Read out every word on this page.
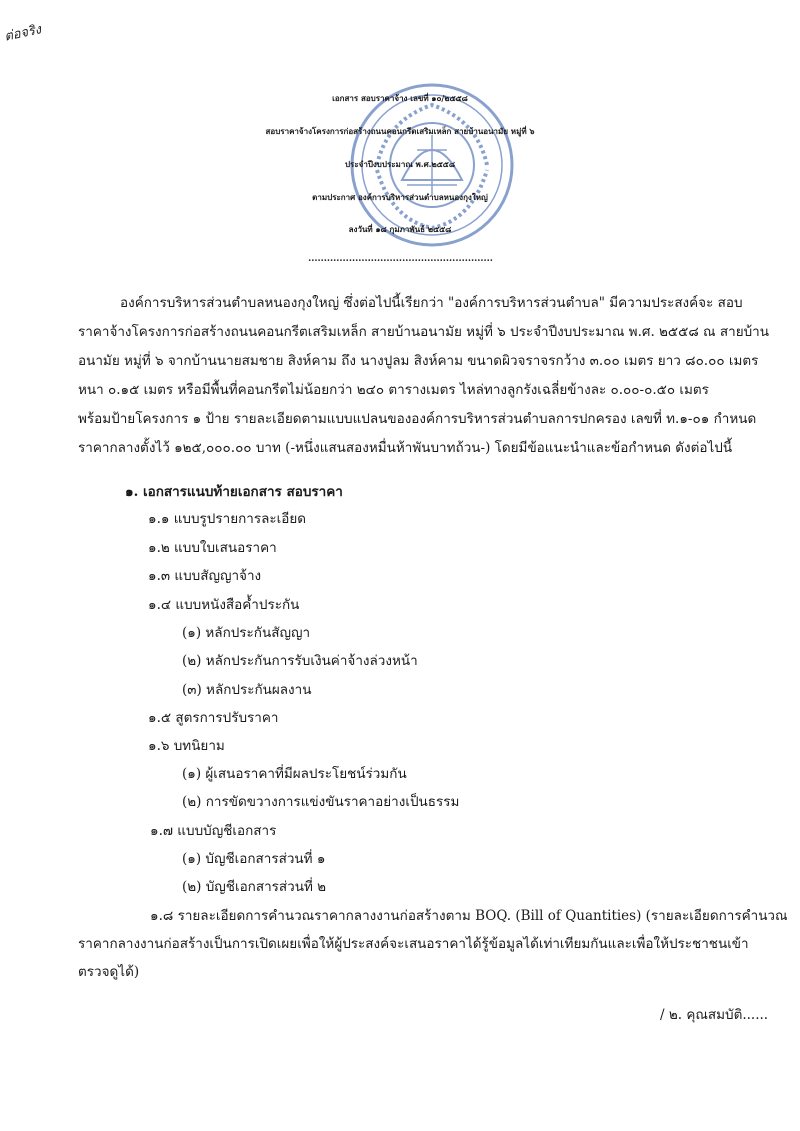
ต่อจริง
เอกสาร สอบราคาจ้าง เลขที่ ๑๐/๒๕๕๘
สอบราคาจ้างโครงการก่อสร้างถนนคอนกรีตเสริมเหล็ก สายบ้านอนามัย หมู่ที่ ๖
ประจำปีงบประมาณ พ.ศ.๒๕๕๘
ตามประกาศ องค์การบริหารส่วนตำบลหนองกุงใหญ่
ลงวันที่ ๑๘ กุมภาพันธ์ ๒๕๕๘
...........................................................
องค์การบริหารส่วนตำบลหนองกุงใหญ่ ซึ่งต่อไปนี้เรียกว่า "องค์การบริหารส่วนตำบล" มีความประสงค์จะ สอบ
ราคาจ้างโครงการก่อสร้างถนนคอนกรีตเสริมเหล็ก สายบ้านอนามัย หมู่ที่ ๖ ประจำปีงบประมาณ พ.ศ. ๒๕๕๘ ณ สายบ้าน
อนามัย หมู่ที่ ๖ จากบ้านนายสมชาย สิงห์คาม ถึง นางปูลม สิงห์คาม ขนาดผิวจราจรกว้าง ๓.๐๐ เมตร ยาว ๘๐.๐๐ เมตร
หนา ๐.๑๕ เมตร หรือมีพื้นที่คอนกรีตไม่น้อยกว่า ๒๔๐ ตารางเมตร ไหล่ทางลูกรังเฉลี่ยข้างละ ๐.๐๐-๐.๕๐ เมตร
พร้อมป้ายโครงการ ๑ ป้าย รายละเอียดตามแบบแปลนขององค์การบริหารส่วนตำบลการปกครอง เลขที่ ท.๑-๐๑ กำหนด
ราคากลางตั้งไว้ ๑๒๕,๐๐๐.๐๐ บาท (-หนึ่งแสนสองหมื่นห้าพันบาทถ้วน-) โดยมีข้อแนะนำและข้อกำหนด ดังต่อไปนี้
๑. เอกสารแนบท้ายเอกสาร สอบราคา
๑.๑ แบบรูปรายการละเอียด
๑.๒ แบบใบเสนอราคา
๑.๓ แบบสัญญาจ้าง
๑.๔ แบบหนังสือค้ำประกัน
(๑) หลักประกันสัญญา
(๒) หลักประกันการรับเงินค่าจ้างล่วงหน้า
(๓) หลักประกันผลงาน
๑.๕ สูตรการปรับราคา
๑.๖ บทนิยาม
(๑) ผู้เสนอราคาที่มีผลประโยชน์ร่วมกัน
(๒) การขัดขวางการแข่งขันราคาอย่างเป็นธรรม
๑.๗ แบบบัญชีเอกสาร
(๑) บัญชีเอกสารส่วนที่ ๑
(๒) บัญชีเอกสารส่วนที่ ๒
๑.๘ รายละเอียดการคำนวณราคากลางงานก่อสร้างตาม BOQ. (Bill of Quantities) (รายละเอียดการคำนวณ
ราคากลางงานก่อสร้างเป็นการเปิดเผยเพื่อให้ผู้ประสงค์จะเสนอราคาได้รู้ข้อมูลได้เท่าเทียมกันและเพื่อให้ประชาชนเข้า
ตรวจดูได้)
/ ๒. คุณสมบัติ......
